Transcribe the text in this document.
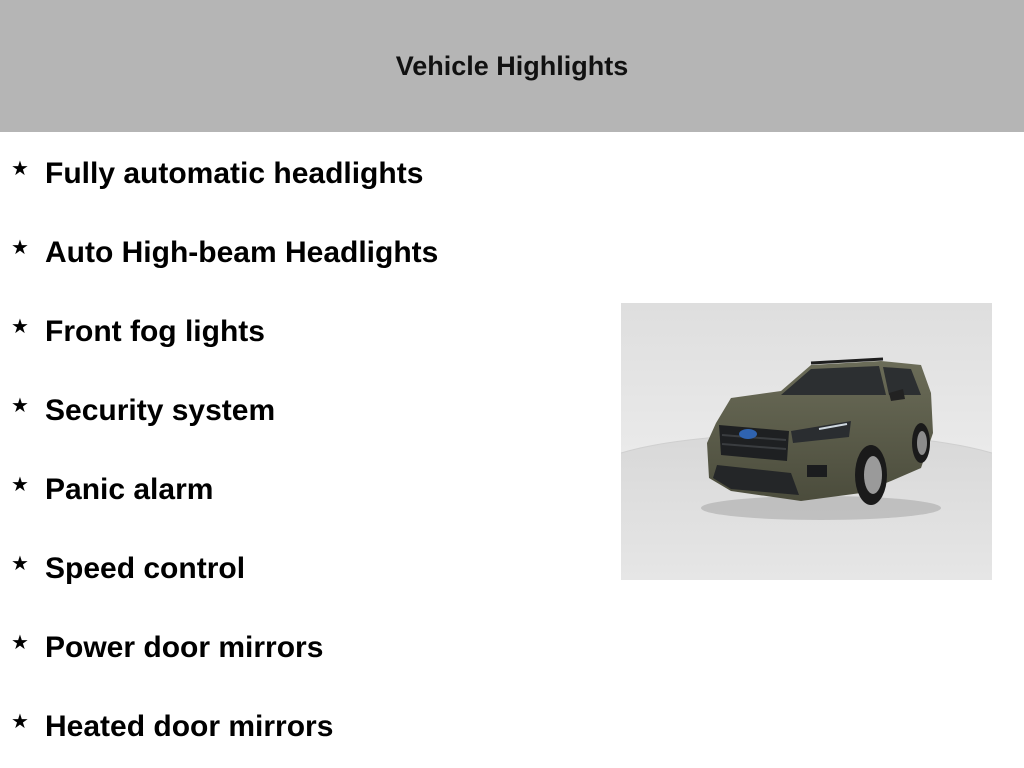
Vehicle Highlights
★ Fully automatic headlights
★ Auto High-beam Headlights
★ Front fog lights
★ Security system
★ Panic alarm
★ Speed control
★ Power door mirrors
★ Heated door mirrors
